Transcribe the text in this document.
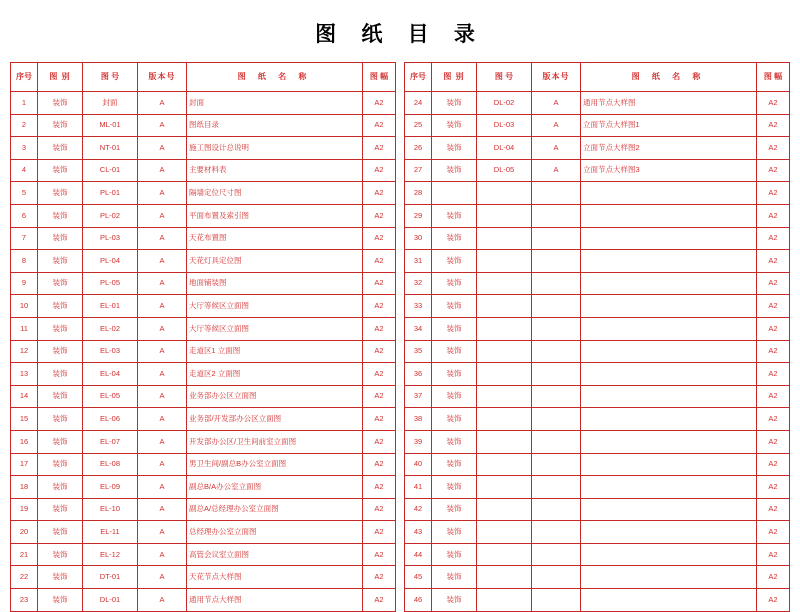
图 纸 目 录
序号	图 别	图 号	版本号	图 纸 名 称	图 幅

1	装饰	封面	A	封面	A2
2	装饰	ML-01	A	图纸目录	A2
3	装饰	NT-01	A	施工图设计总说明	A2
4	装饰	CL-01	A	主要材料表	A2
5	装饰	PL-01	A	隔墙定位尺寸图	A2
6	装饰	PL-02	A	平面布置及索引图	A2
7	装饰	PL-03	A	天花布置图	A2
8	装饰	PL-04	A	天花灯具定位图	A2
9	装饰	PL-05	A	地面铺装图	A2
10	装饰	EL-01	A	大厅等候区立面图	A2
11	装饰	EL-02	A	大厅等候区立面图	A2
12	装饰	EL-03	A	走道区1 立面图	A2
13	装饰	EL-04	A	走道区2 立面图	A2
14	装饰	EL-05	A	业务部办公区立面图	A2
15	装饰	EL-06	A	业务部/开发部办公区立面图	A2
16	装饰	EL-07	A	开发部办公区/卫生间前室立面图	A2
17	装饰	EL-08	A	男卫生间/副总B办公室立面图	A2
18	装饰	EL-09	A	副总B/A办公室立面图	A2
19	装饰	EL-10	A	副总A/总经理办公室立面图	A2
20	装饰	EL-11	A	总经理办公室立面图	A2
21	装饰	EL-12	A	高管会议室立面图	A2
22	装饰	DT-01	A	天花节点大样图	A2
23	装饰	DL-01	A	通用节点大样图	A2
序号	图 别	图 号	版本号	图 纸 名 称	图 幅

24	装饰	DL-02	A	通用节点大样图	A2
25	装饰	DL-03	A	立面节点大样图1	A2
26	装饰	DL-04	A	立面节点大样图2	A2
27	装饰	DL-05	A	立面节点大样图3	A2
28					A2
29	装饰				A2
30	装饰				A2
31	装饰				A2
32	装饰				A2
33	装饰				A2
34	装饰				A2
35	装饰				A2
36	装饰				A2
37	装饰				A2
38	装饰				A2
39	装饰				A2
40	装饰				A2
41	装饰				A2
42	装饰				A2
43	装饰				A2
44	装饰				A2
45	装饰				A2
46	装饰				A2
